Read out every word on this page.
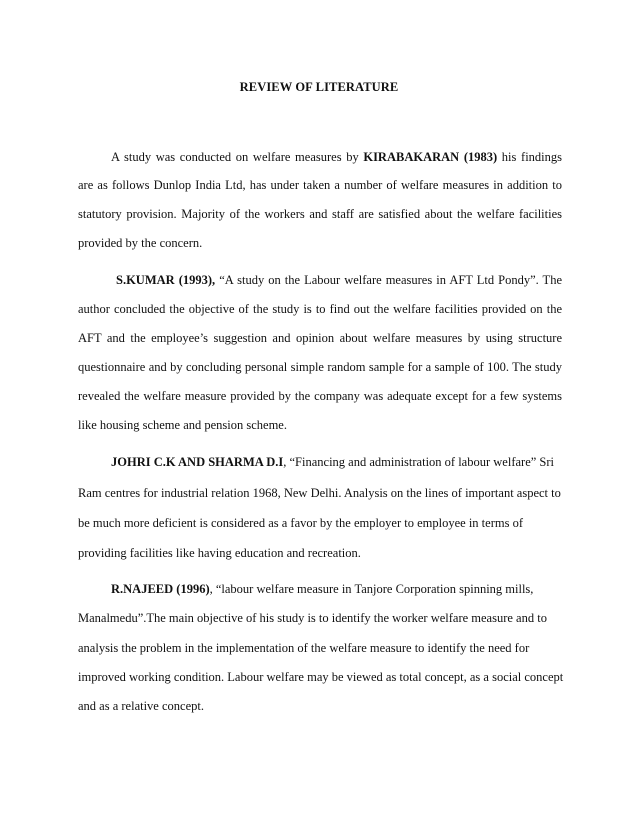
REVIEW OF LITERATURE
A study was conducted on welfare measures by KIRABAKARAN (1983) his findings
are as follows Dunlop India Ltd, has under taken a number of welfare measures in addition to
statutory provision. Majority of the workers and staff are satisfied about the welfare facilities
provided by the concern.
S.KUMAR (1993), “A study on the Labour welfare measures in AFT Ltd Pondy”. The
author concluded the objective of the study is to find out the welfare facilities provided on the
AFT and the employee’s suggestion and opinion about welfare measures by using structure
questionnaire and by concluding personal simple random sample for a sample of 100. The study
revealed the welfare measure provided by the company was adequate except for a few systems
like housing scheme and pension scheme.
JOHRI C.K AND SHARMA D.I, “Financing and administration of labour welfare” Sri
Ram centres for industrial relation 1968, New Delhi. Analysis on the lines of important aspect to
be much more deficient is considered as a favor by the employer to employee in terms of
providing facilities like having education and recreation.
R.NAJEED (1996), “labour welfare measure in Tanjore Corporation spinning mills,
Manalmedu”.The main objective of his study is to identify the worker welfare measure and to
analysis the problem in the implementation of the welfare measure to identify the need for
improved working condition. Labour welfare may be viewed as total concept, as a social concept
and as a relative concept.
